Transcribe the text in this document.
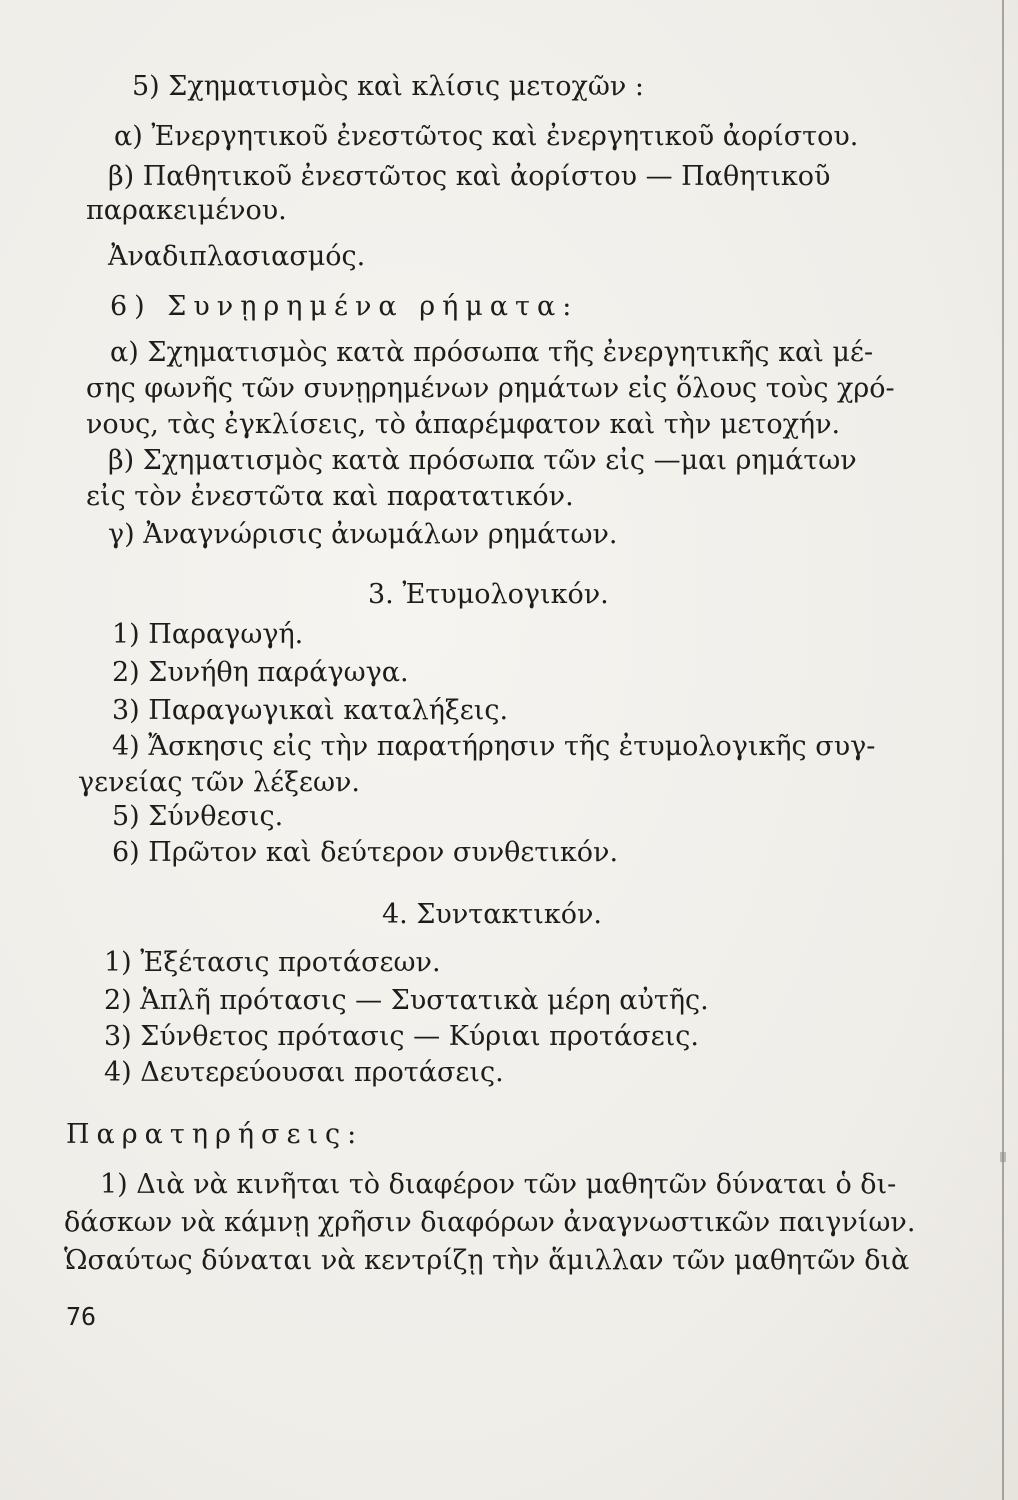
5) Σχηματισμὸς καὶ κλίσις μετοχῶν :
α) Ἐνεργητικοῦ ἐνεστῶτος καὶ ἐνεργητικοῦ ἀορίστου.
β) Παθητικοῦ ἐνεστῶτος καὶ ἀορίστου — Παθητικοῦ
παρακειμένου.
Ἀναδιπλασιασμός.
6) Συνῃρημένα ρήματα:
α) Σχηματισμὸς κατὰ πρόσωπα τῆς ἐνεργητικῆς καὶ μέ-
σης φωνῆς τῶν συνῃρημένων ρημάτων εἰς ὅλους τοὺς χρό-
νους, τὰς ἐγκλίσεις, τὸ ἀπαρέμφατον καὶ τὴν μετοχήν.
β) Σχηματισμὸς κατὰ πρόσωπα τῶν εἰς —μαι ρημάτων
εἰς τὸν ἐνεστῶτα καὶ παρατατικόν.
γ) Ἀναγνώρισις ἀνωμάλων ρημάτων.
3. Ἐτυμολογικόν.
1) Παραγωγή.
2) Συνήθη παράγωγα.
3) Παραγωγικαὶ καταλήξεις.
4) Ἄσκησις εἰς τὴν παρατήρησιν τῆς ἐτυμολογικῆς συγ-
γενείας τῶν λέξεων.
5) Σύνθεσις.
6) Πρῶτον καὶ δεύτερον συνθετικόν.
4. Συντακτικόν.
1) Ἐξέτασις προτάσεων.
2) Ἁπλῆ πρότασις — Συστατικὰ μέρη αὐτῆς.
3) Σύνθετος πρότασις — Κύριαι προτάσεις.
4) Δευτερεύουσαι προτάσεις.
Παρατηρήσεις:
1) Διὰ νὰ κινῆται τὸ διαφέρον τῶν μαθητῶν δύναται ὁ δι-
δάσκων νὰ κάμνῃ χρῆσιν διαφόρων ἀναγνωστικῶν παιγνίων.
Ὡσαύτως δύναται νὰ κεντρίζῃ τὴν ἅμιλλαν τῶν μαθητῶν διὰ
76
